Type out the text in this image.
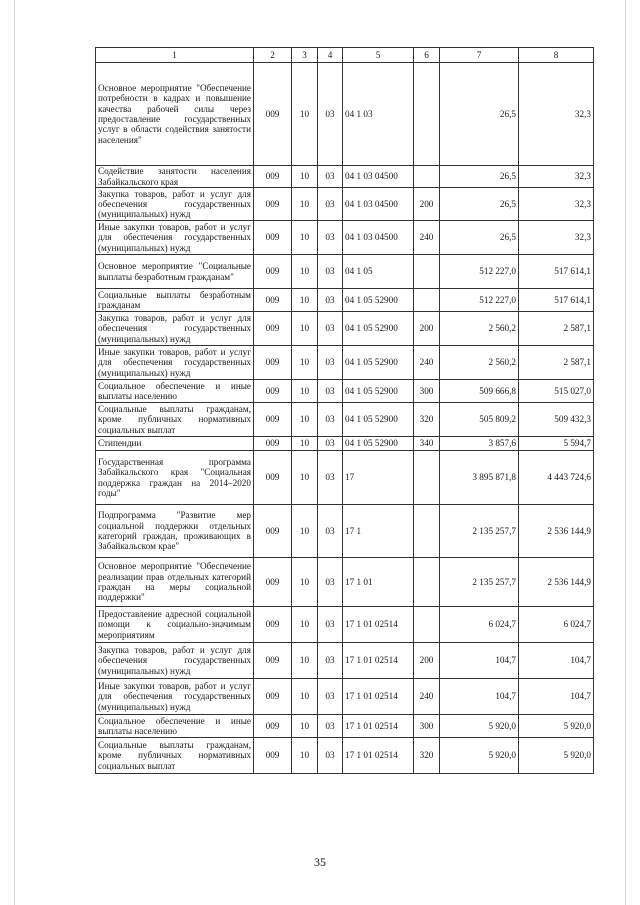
1	2	3	4	5	6	7	8
Основное мероприятие "Обеспечение потребности в кадрах и повышение качества рабочей силы через предоставление государственных услуг в области содействия занятости населения"	009	10	03	04 1 03		26,5	32,3
Содействие занятости населения Забайкальского края	009	10	03	04 1 03 04500		26,5	32,3
Закупка товаров, работ и услуг для обеспечения государственных (муниципальных) нужд	009	10	03	04 1 03 04500	200	26,5	32,3
Иные закупки товаров, работ и услуг для обеспечения государственных (муниципальных) нужд	009	10	03	04 1 03 04500	240	26,5	32,3
Основное мероприятие "Социальные выплаты безработным гражданам"	009	10	03	04 1 05		512 227,0	517 614,1
Социальные выплаты безработным гражданам	009	10	03	04 1 05 52900		512 227,0	517 614,1
Закупка товаров, работ и услуг для обеспечения государственных (муниципальных) нужд	009	10	03	04 1 05 52900	200	2 560,2	2 587,1
Иные закупки товаров, работ и услуг для обеспечения государственных (муниципальных) нужд	009	10	03	04 1 05 52900	240	2 560,2	2 587,1
Социальное обеспечение и иные выплаты населению	009	10	03	04 1 05 52900	300	509 666,8	515 027,0
Социальные выплаты гражданам, кроме публичных нормативных социальных выплат	009	10	03	04 1 05 52900	320	505 809,2	509 432,3
Стипендии	009	10	03	04 1 05 52900	340	3 857,6	5 594,7
Государственная программа Забайкальского края "Социальная поддержка граждан на 2014–2020 годы"	009	10	03	17		3 895 871,8	4 443 724,6
Подпрограмма "Развитие мер социальной поддержки отдельных категорий граждан, проживающих в Забайкальском крае"	009	10	03	17 1		2 135 257,7	2 536 144,9
Основное мероприятие "Обеспечение реализации прав отдельных категорий граждан на меры социальной поддержки"	009	10	03	17 1 01		2 135 257,7	2 536 144,9
Предоставление адресной социальной помощи к социально-значимым мероприятиям	009	10	03	17 1 01 02514		6 024,7	6 024,7
Закупка товаров, работ и услуг для обеспечения государственных (муниципальных) нужд	009	10	03	17 1 01 02514	200	104,7	104,7
Иные закупки товаров, работ и услуг для обеспечения государственных (муниципальных) нужд	009	10	03	17 1 01 02514	240	104,7	104,7
Социальное обеспечение и иные выплаты населению	009	10	03	17 1 01 02514	300	5 920,0	5 920,0
Социальные выплаты гражданам, кроме публичных нормативных социальных выплат	009	10	03	17 1 01 02514	320	5 920,0	5 920,0
35
